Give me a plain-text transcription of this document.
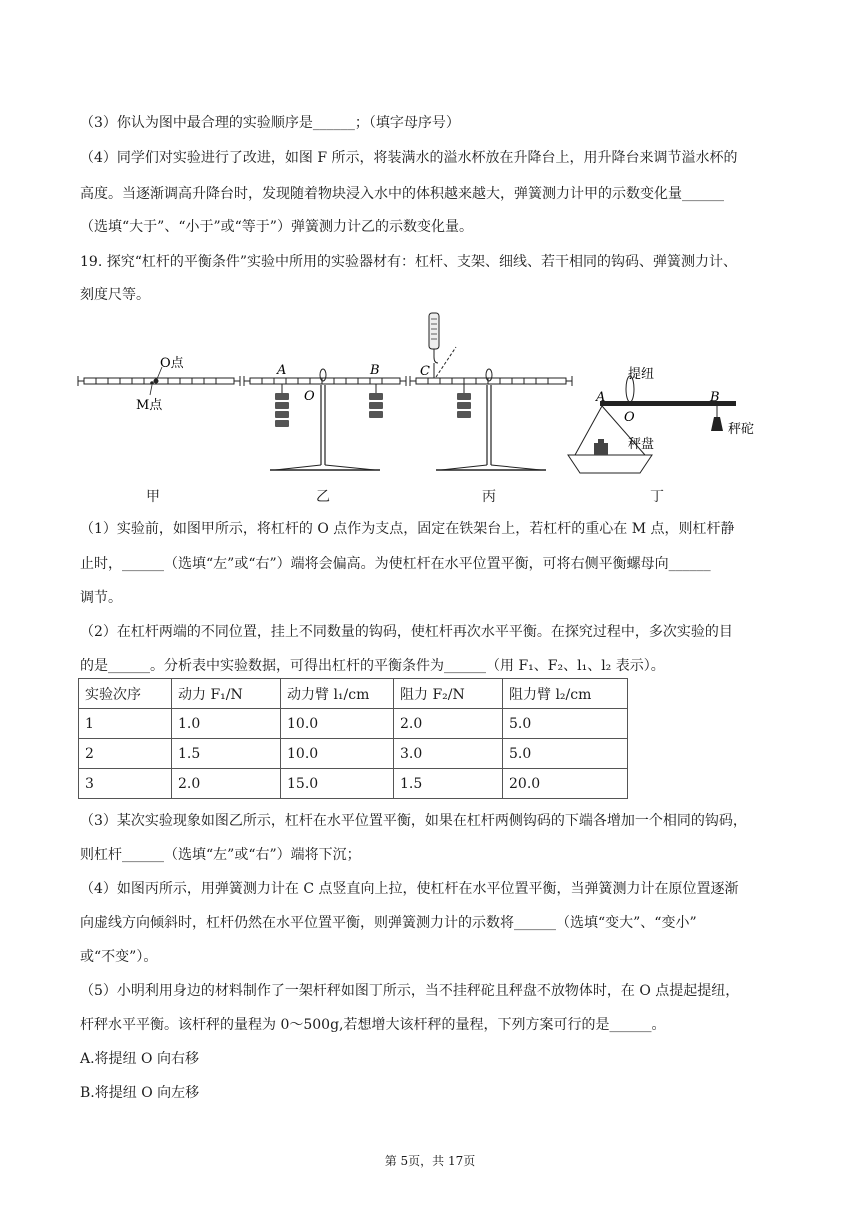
（3）你认为图中最合理的实验顺序是______；（填字母序号）
（4）同学们对实验进行了改进，如图 F 所示，将装满水的溢水杯放在升降台上，用升降台来调节溢水杯的
高度。当逐渐调高升降台时，发现随着物块浸入水中的体积越来越大，弹簧测力计甲的示数变化量______
（选填“大于”、“小于”或“等于”）弹簧测力计乙的示数变化量。
19. 探究“杠杆的平衡条件”实验中所用的实验器材有：杠杆、支架、细线、若干相同的钩码、弹簧测力计、
刻度尺等。
O点
M点
A	B
O
C
A
O
B
提纽
秤盘
秤砣
甲	乙	丙	丁
（1）实验前，如图甲所示，将杠杆的 O 点作为支点，固定在铁架台上，若杠杆的重心在 M 点，则杠杆静
止时，______（选填“左”或“右”）端将会偏高。为使杠杆在水平位置平衡，可将右侧平衡螺母向______
调节。
（2）在杠杆两端的不同位置，挂上不同数量的钩码，使杠杆再次水平平衡。在探究过程中，多次实验的目
的是______。分析表中实验数据，可得出杠杆的平衡条件为______（用 F₁、F₂、l₁、l₂ 表示）。
实验次序	动力 F₁/N	动力臂 l₁/cm	阻力 F₂/N	阻力臂 l₂/cm
1	1.0	10.0	2.0	5.0
2	1.5	10.0	3.0	5.0
3	2.0	15.0	1.5	20.0
（3）某次实验现象如图乙所示，杠杆在水平位置平衡，如果在杠杆两侧钩码的下端各增加一个相同的钩码，
则杠杆______（选填“左”或“右”）端将下沉；
（4）如图丙所示，用弹簧测力计在 C 点竖直向上拉，使杠杆在水平位置平衡，当弹簧测力计在原位置逐渐
向虚线方向倾斜时，杠杆仍然在水平位置平衡，则弹簧测力计的示数将______（选填“变大”、“变小”
或“不变”）。
（5）小明利用身边的材料制作了一架杆秤如图丁所示，当不挂秤砣且秤盘不放物体时，在 O 点提起提纽，
杆秤水平平衡。该杆秤的量程为 0～500g,若想增大该杆秤的量程，下列方案可行的是______。
A.将提纽 O 向右移
B.将提纽 O 向左移
第 5页，共 17页
